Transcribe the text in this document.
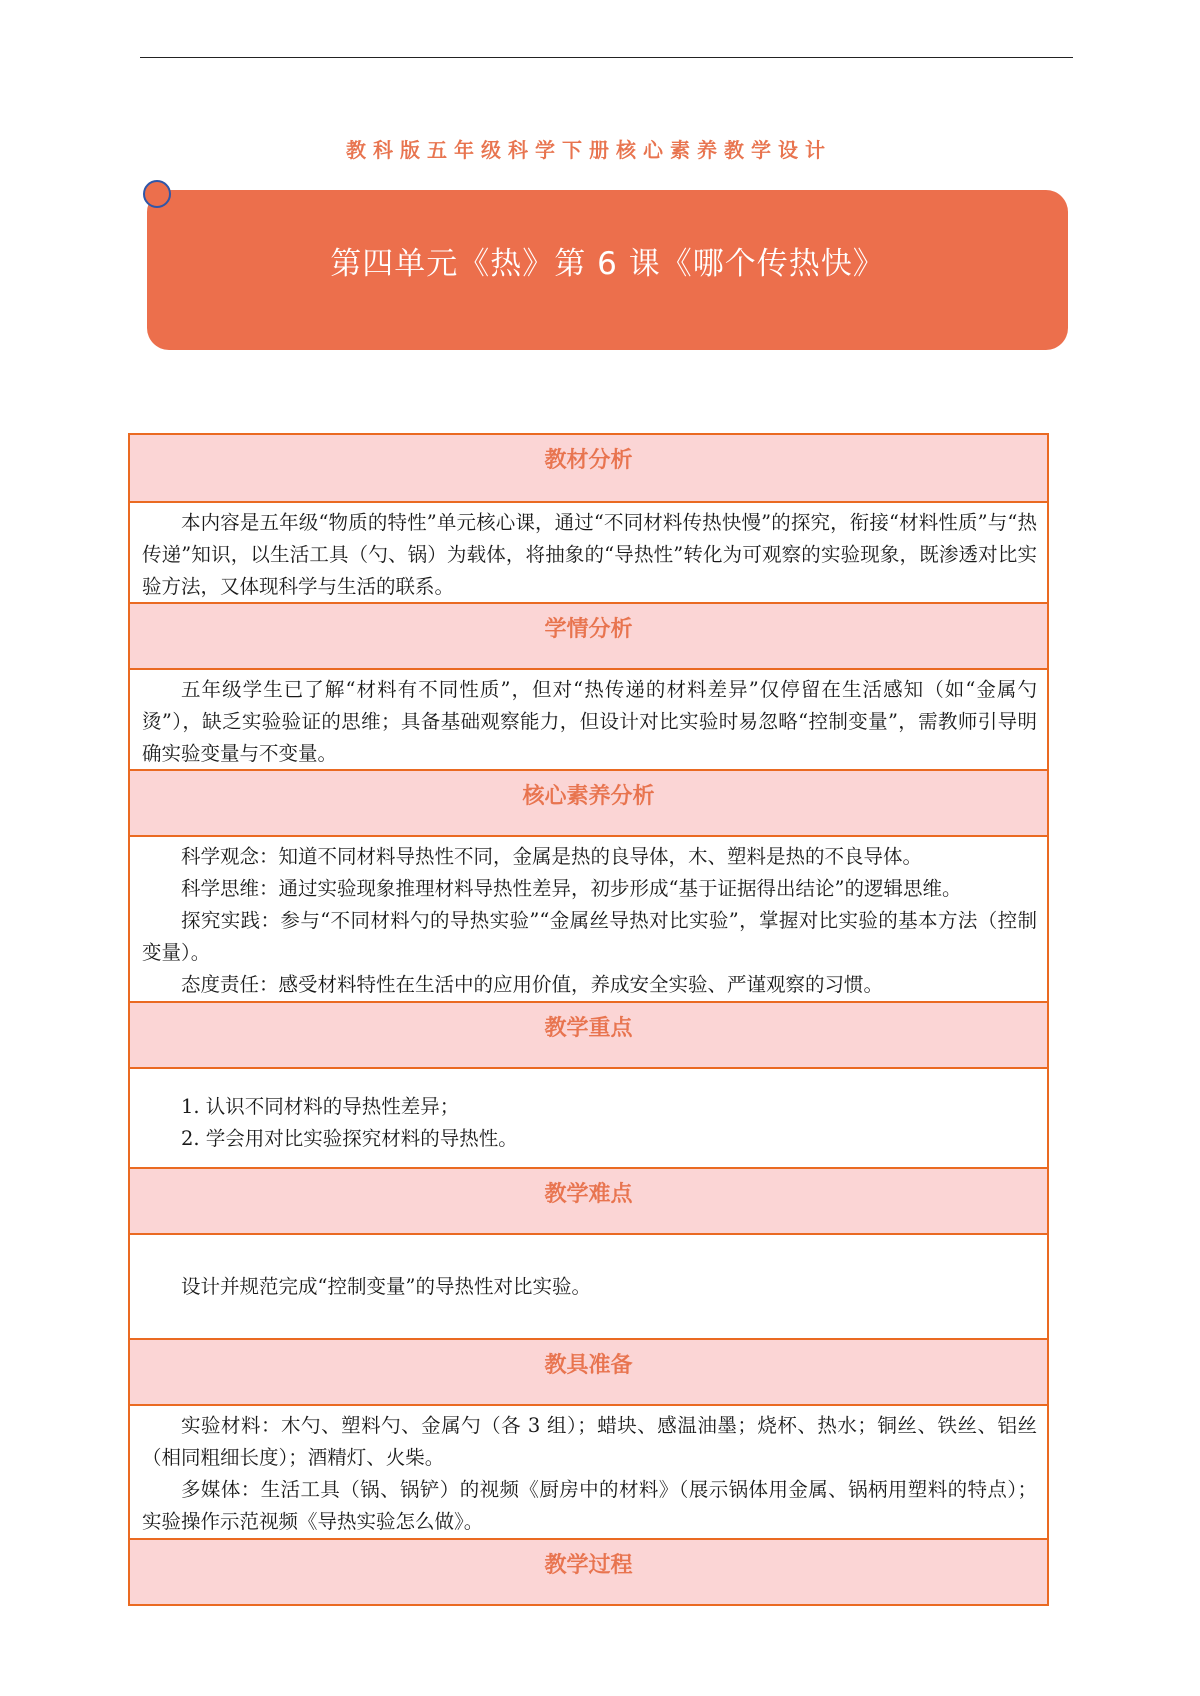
教科版五年级科学下册核心素养教学设计
第四单元《热》第 6 课《哪个传热快》
教材分析

本内容是五年级“物质的特性”单元核心课，通过“不同材料传热快慢”的探究，衔接“材料性质”与“热传递”知识，以生活工具（勺、锅）为载体，将抽象的“导热性”转化为可观察的实验现象，既渗透对比实验方法，又体现科学与生活的联系。

学情分析

五年级学生已了解“材料有不同性质”，但对“热传递的材料差异”仅停留在生活感知（如“金属勺烫”），缺乏实验验证的思维；具备基础观察能力，但设计对比实验时易忽略“控制变量”，需教师引导明确实验变量与不变量。

核心素养分析

科学观念：知道不同材料导热性不同，金属是热的良导体，木、塑料是热的不良导体。

科学思维：通过实验现象推理材料导热性差异，初步形成“基于证据得出结论”的逻辑思维。

探究实践：参与“不同材料勺的导热实验”“金属丝导热对比实验”，掌握对比实验的基本方法（控制变量）。

态度责任：感受材料特性在生活中的应用价值，养成安全实验、严谨观察的习惯。

教学重点
1. 认识不同材料的导热性差异；
2. 学会用对比实验探究材料的导热性。
教学难点

设计并规范完成“控制变量”的导热性对比实验。

教具准备

实验材料：木勺、塑料勺、金属勺（各 3 组）；蜡块、感温油墨；烧杯、热水；铜丝、铁丝、铝丝（相同粗细长度）；酒精灯、火柴。

多媒体：生活工具（锅、锅铲）的视频《厨房中的材料》（展示锅体用金属、锅柄用塑料的特点）；实验操作示范视频《导热实验怎么做》。

教学过程
